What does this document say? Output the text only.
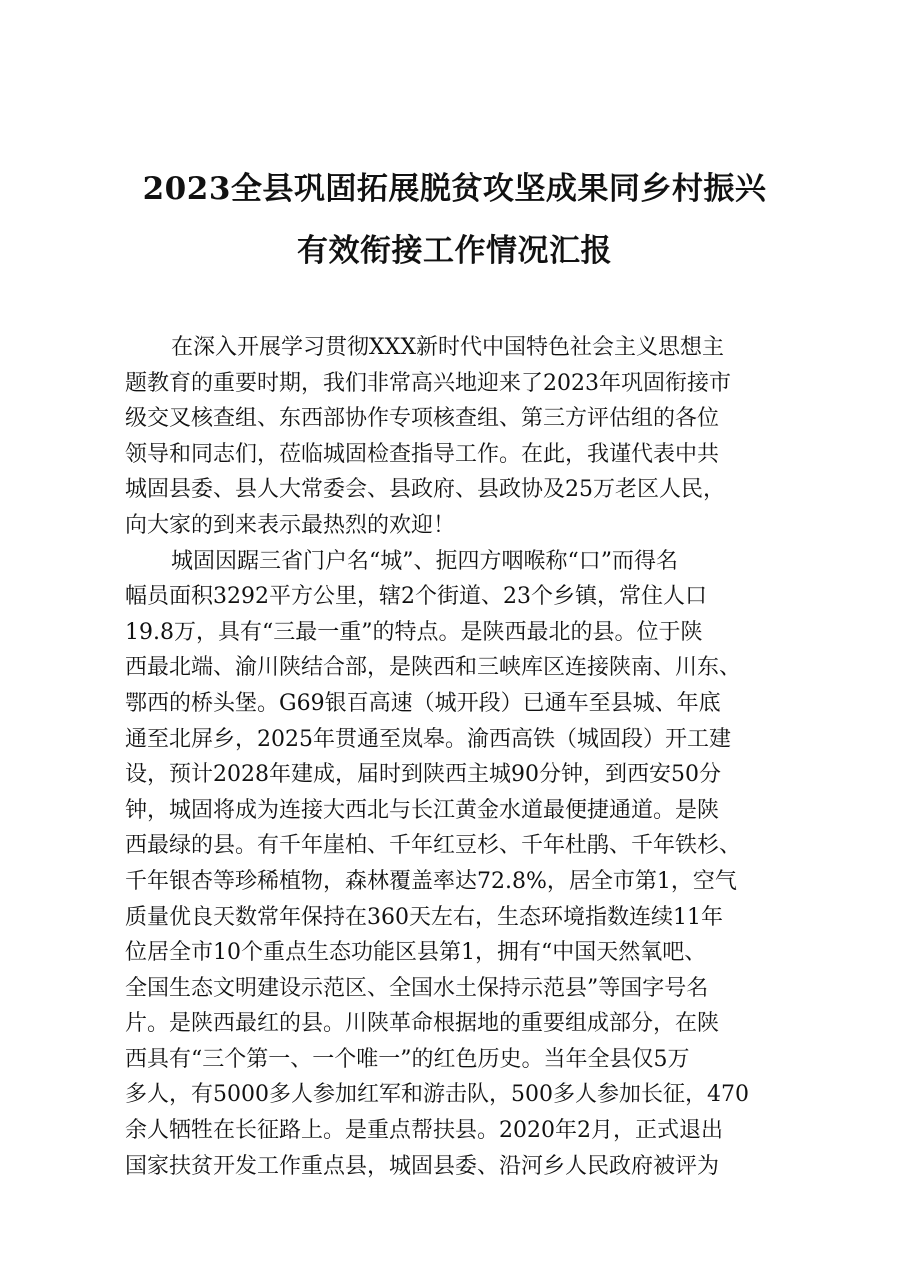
2023全县巩固拓展脱贫攻坚成果同乡村振兴
有效衔接工作情况汇报
在深入开展学习贯彻XXX新时代中国特色社会主义思想主
题教育的重要时期，我们非常高兴地迎来了2023年巩固衔接市
级交叉核查组、东西部协作专项核查组、第三方评估组的各位
领导和同志们，莅临城固检查指导工作。在此，我谨代表中共
城固县委、县人大常委会、县政府、县政协及25万老区人民，
向大家的到来表示最热烈的欢迎！
城固因踞三省门户名“城”、扼四方咽喉称“口”而得名
幅员面积3292平方公里，辖2个街道、23个乡镇，常住人口
19.8万，具有“三最一重”的特点。是陕西最北的县。位于陕
西最北端、渝川陕结合部，是陕西和三峡库区连接陕南、川东、
鄂西的桥头堡。G69银百高速（城开段）已通车至县城、年底
通至北屏乡，2025年贯通至岚皋。渝西高铁（城固段）开工建
设，预计2028年建成，届时到陕西主城90分钟，到西安50分
钟，城固将成为连接大西北与长江黄金水道最便捷通道。是陕
西最绿的县。有千年崖柏、千年红豆杉、千年杜鹃、千年铁杉、
千年银杏等珍稀植物，森林覆盖率达72.8%，居全市第1，空气
质量优良天数常年保持在360天左右，生态环境指数连续11年
位居全市10个重点生态功能区县第1，拥有“中国天然氧吧、
全国生态文明建设示范区、全国水土保持示范县”等国字号名
片。是陕西最红的县。川陕革命根据地的重要组成部分，在陕
西具有“三个第一、一个唯一”的红色历史。当年全县仅5万
多人，有5000多人参加红军和游击队，500多人参加长征，470
余人牺牲在长征路上。是重点帮扶县。2020年2月，正式退出
国家扶贫开发工作重点县，城固县委、沿河乡人民政府被评为
